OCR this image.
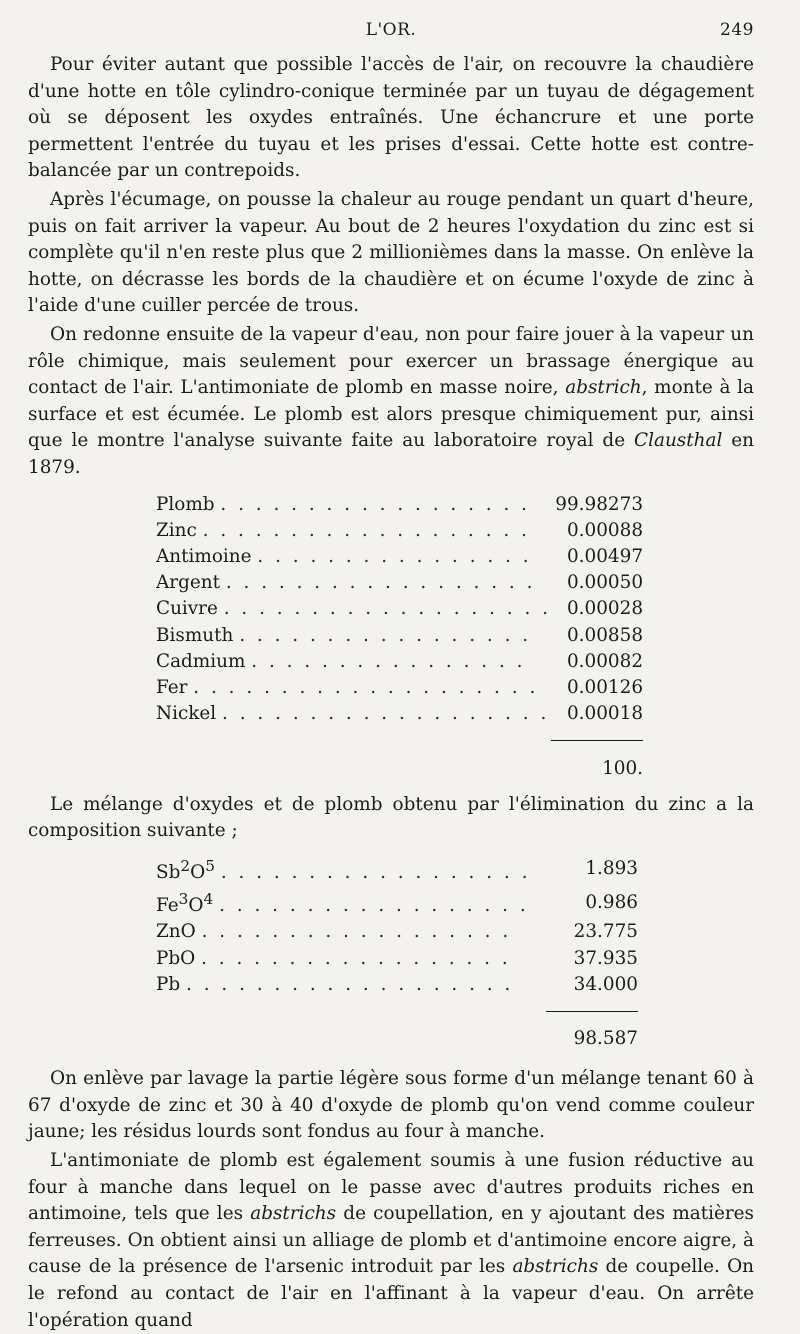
L'OR.	249

Pour éviter autant que possible l'accès de l'air, on recouvre la chaudière d'une hotte en tôle cylindro-conique terminée par un tuyau de dégagement où se déposent les oxydes entraînés. Une échancrure et une porte permettent l'entrée du tuyau et les prises d'essai. Cette hotte est contre-balancée par un contrepoids.

Après l'écumage, on pousse la chaleur au rouge pendant un quart d'heure, puis on fait arriver la vapeur. Au bout de 2 heures l'oxydation du zinc est si complète qu'il n'en reste plus que 2 millionièmes dans la masse. On enlève la hotte, on décrasse les bords de la chaudière et on écume l'oxyde de zinc à l'aide d'une cuiller percée de trous.

On redonne ensuite de la vapeur d'eau, non pour faire jouer à la vapeur un rôle chimique, mais seulement pour exercer un brassage énergique au contact de l'air. L'antimoniate de plomb en masse noire, abstrich, monte à la surface et est écumée. Le plomb est alors presque chimiquement pur, ainsi que le montre l'analyse suivante faite au laboratoire royal de Clausthal en 1879.

Plomb . . . . . . . . . . . . . . . . . .	99.98273
Zinc . . . . . . . . . . . . . . . . . . .	0.00088
Antimoine . . . . . . . . . . . . . . . .	0.00497
Argent . . . . . . . . . . . . . . . . . .	0.00050
Cuivre . . . . . . . . . . . . . . . . . . .	0.00028
Bismuth . . . . . . . . . . . . . . . . .	0.00858
Cadmium . . . . . . . . . . . . . . . .	0.00082
Fer . . . . . . . . . . . . . . . . . . . .	0.00126
Nickel . . . . . . . . . . . . . . . . . . .	0.00018

	100.

Le mélange d'oxydes et de plomb obtenu par l'élimination du zinc a la composition suivante ;

$Sb^2O^5$ . . . . . . . . . . . . . . . . . .	1.893
$Fe^3O^4$ . . . . . . . . . . . . . . . . . .	0.986
ZnO . . . . . . . . . . . . . . . . . .	23.775
PbO . . . . . . . . . . . . . . . . . .	37.935
Pb . . . . . . . . . . . . . . . . . . .	34.000

	98.587

On enlève par lavage la partie légère sous forme d'un mélange tenant 60 à 67 d'oxyde de zinc et 30 à 40 d'oxyde de plomb qu'on vend comme couleur jaune; les résidus lourds sont fondus au four à manche.

L'antimoniate de plomb est également soumis à une fusion réductive au four à manche dans lequel on le passe avec d'autres produits riches en antimoine, tels que les abstrichs de coupellation, en y ajoutant des matières ferreuses. On obtient ainsi un alliage de plomb et d'antimoine encore aigre, à cause de la présence de l'arsenic introduit par les abstrichs de coupelle. On le refond au contact de l'air en l'affinant à la vapeur d'eau. On arrête l'opération quand
